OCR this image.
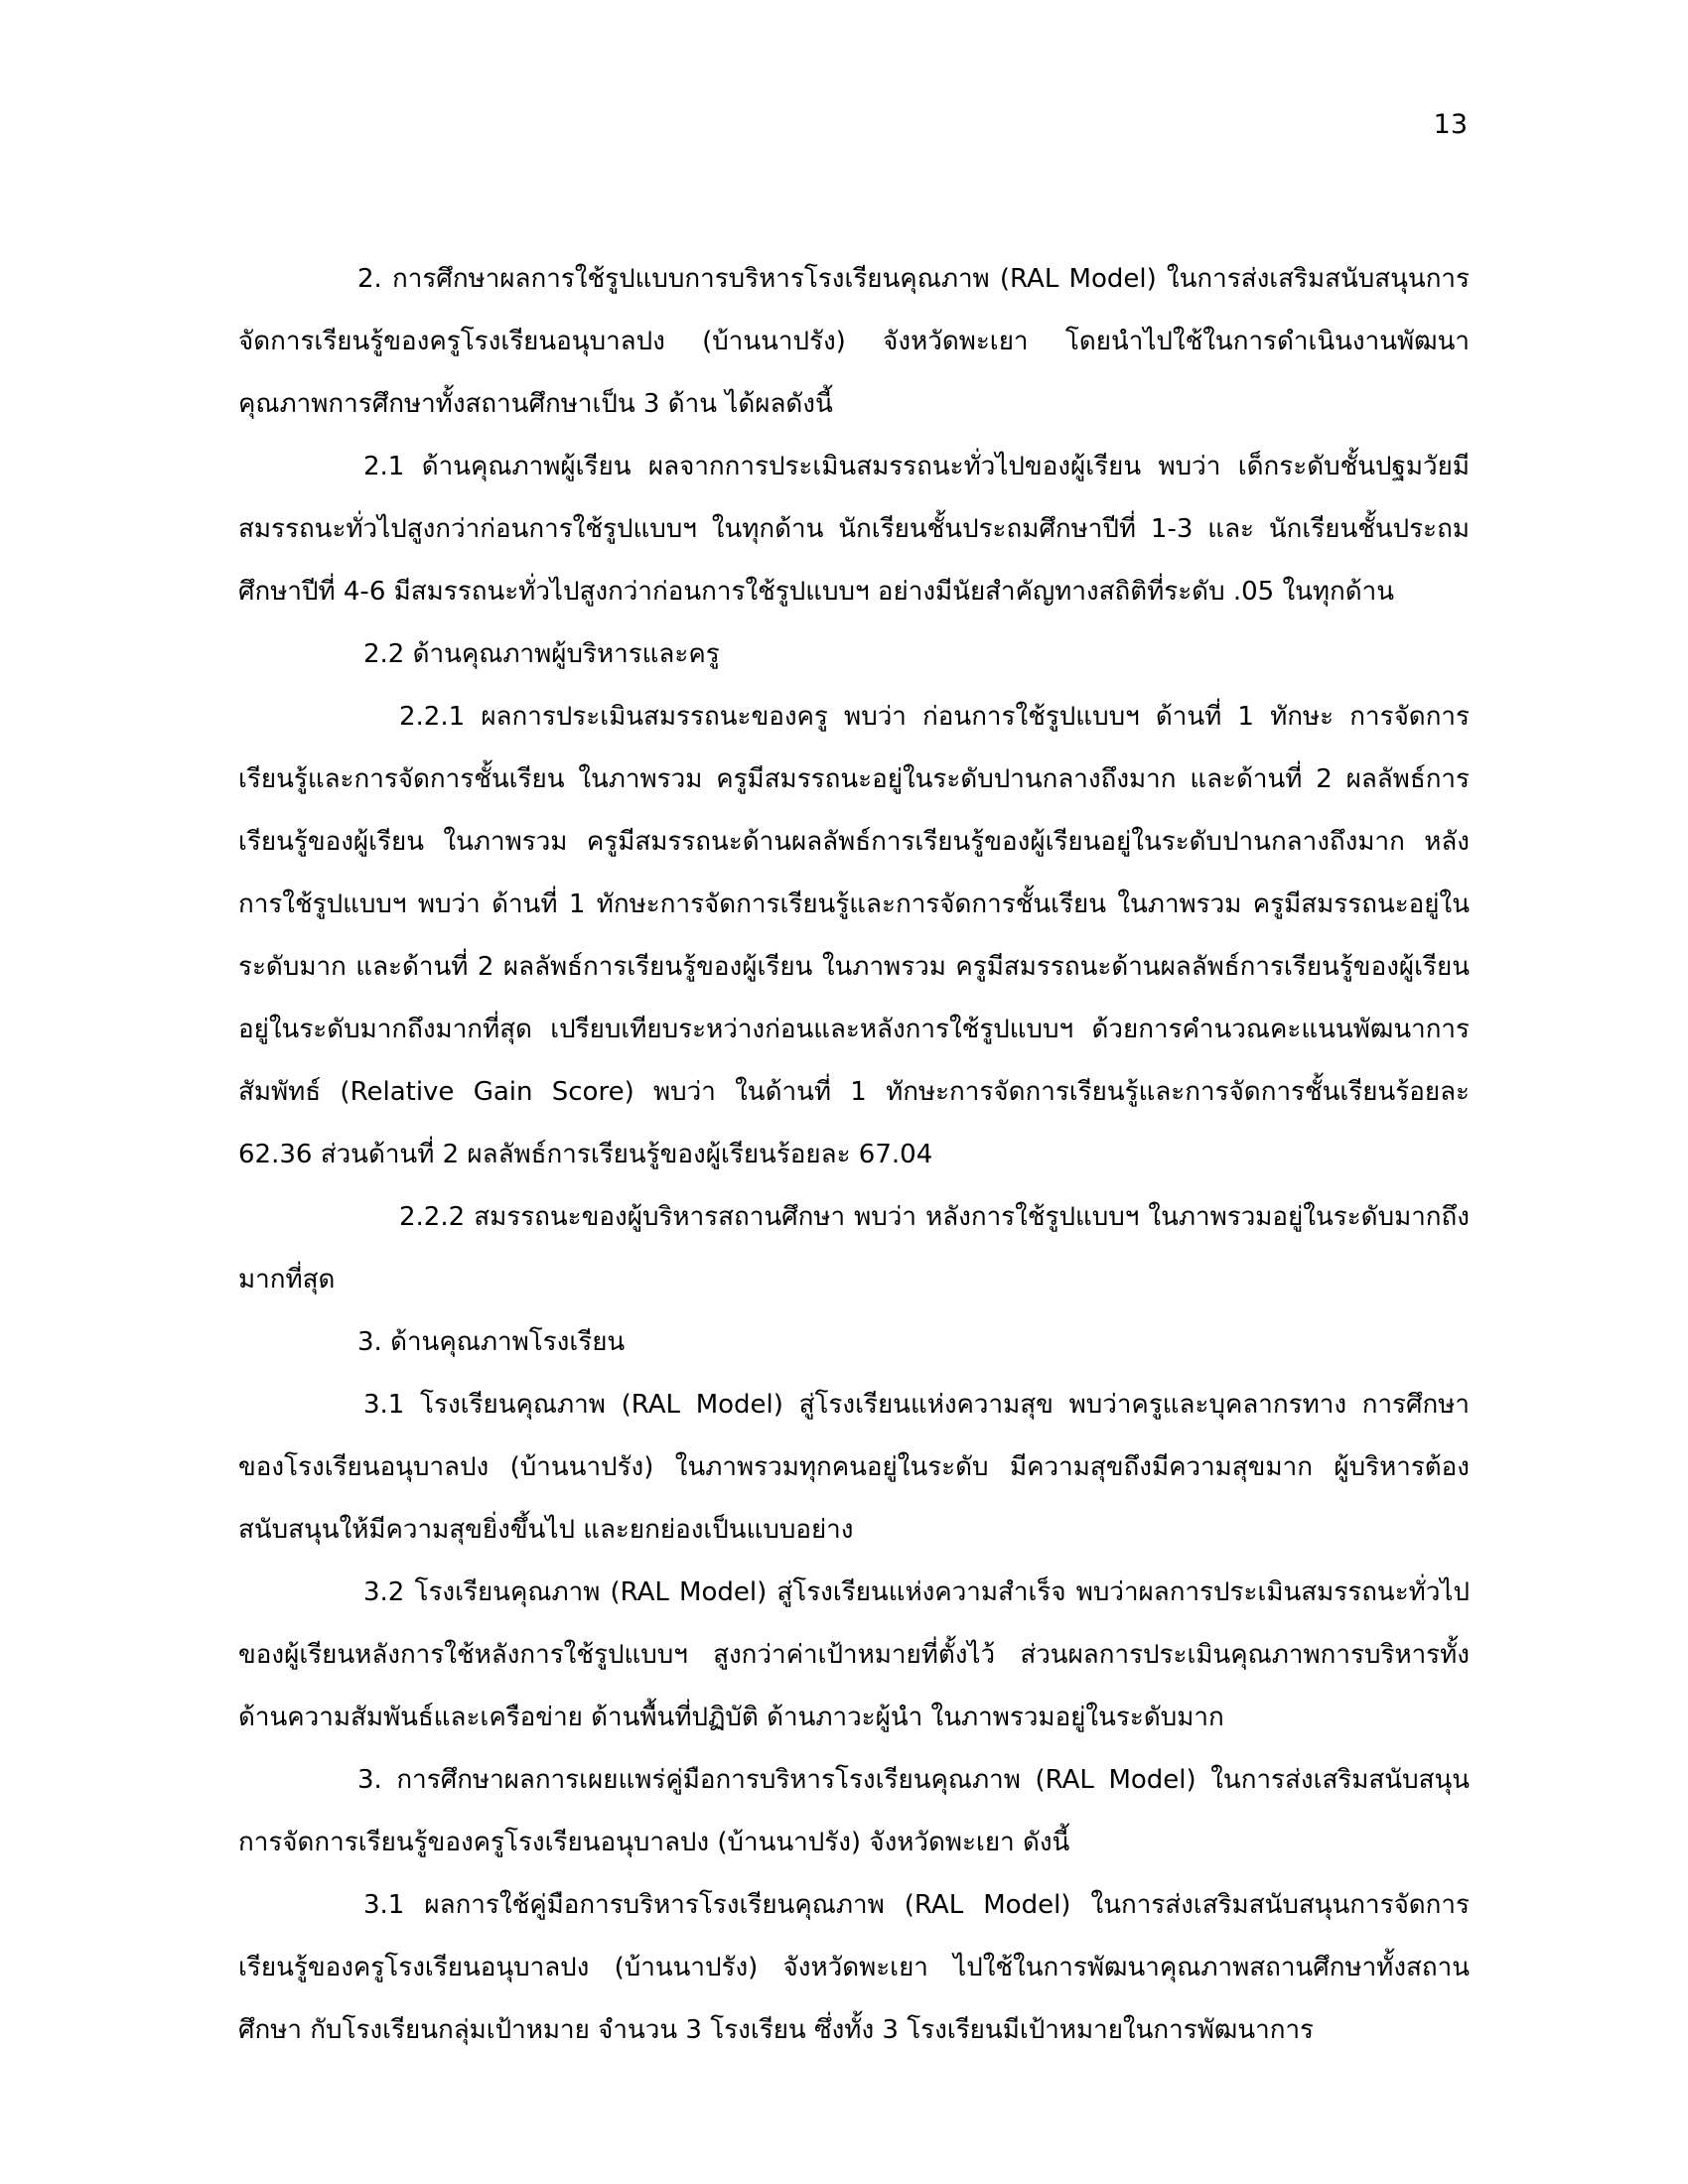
13

2. การศึกษาผลการใช้รูปแบบการบริหารโรงเรียนคุณภาพ (RAL Model) ในการส่งเสริมสนับสนุนการจัดการเรียนรู้ของครูโรงเรียนอนุบาลปง (บ้านนาปรัง) จังหวัดพะเยา โดยนำไปใช้ในการดำเนินงานพัฒนาคุณภาพการศึกษาทั้งสถานศึกษาเป็น 3 ด้าน ได้ผลดังนี้

2.1 ด้านคุณภาพผู้เรียน ผลจากการประเมินสมรรถนะทั่วไปของผู้เรียน พบว่า เด็กระดับชั้นปฐมวัยมีสมรรถนะทั่วไปสูงกว่าก่อนการใช้รูปแบบฯ ในทุกด้าน นักเรียนชั้นประถมศึกษาปีที่ 1-3 และ นักเรียนชั้นประถมศึกษาปีที่ 4-6 มีสมรรถนะทั่วไปสูงกว่าก่อนการใช้รูปแบบฯ อย่างมีนัยสำคัญทางสถิติที่ระดับ .05 ในทุกด้าน

2.2 ด้านคุณภาพผู้บริหารและครู

2.2.1 ผลการประเมินสมรรถนะของครู พบว่า ก่อนการใช้รูปแบบฯ ด้านที่ 1 ทักษะ การจัดการเรียนรู้และการจัดการชั้นเรียน ในภาพรวม ครูมีสมรรถนะอยู่ในระดับปานกลางถึงมาก และด้านที่ 2 ผลลัพธ์การเรียนรู้ของผู้เรียน ในภาพรวม ครูมีสมรรถนะด้านผลลัพธ์การเรียนรู้ของผู้เรียนอยู่ในระดับปานกลางถึงมาก หลังการใช้รูปแบบฯ พบว่า ด้านที่ 1 ทักษะการจัดการเรียนรู้และการจัดการชั้นเรียน ในภาพรวม ครูมีสมรรถนะอยู่ในระดับมาก และด้านที่ 2 ผลลัพธ์การเรียนรู้ของผู้เรียน ในภาพรวม ครูมีสมรรถนะด้านผลลัพธ์การเรียนรู้ของผู้เรียนอยู่ในระดับมากถึงมากที่สุด เปรียบเทียบระหว่างก่อนและหลังการใช้รูปแบบฯ ด้วยการคำนวณคะแนนพัฒนาการสัมพัทธ์ (Relative Gain Score) พบว่า ในด้านที่ 1 ทักษะการจัดการเรียนรู้และการจัดการชั้นเรียนร้อยละ 62.36 ส่วนด้านที่ 2 ผลลัพธ์การเรียนรู้ของผู้เรียนร้อยละ 67.04

2.2.2 สมรรถนะของผู้บริหารสถานศึกษา พบว่า หลังการใช้รูปแบบฯ ในภาพรวมอยู่ในระดับมากถึงมากที่สุด

3. ด้านคุณภาพโรงเรียน

3.1 โรงเรียนคุณภาพ (RAL Model) สู่โรงเรียนแห่งความสุข พบว่าครูและบุคลากรทาง การศึกษาของโรงเรียนอนุบาลปง (บ้านนาปรัง) ในภาพรวมทุกคนอยู่ในระดับ มีความสุขถึงมีความสุขมาก ผู้บริหารต้องสนับสนุนให้มีความสุขยิ่งขึ้นไป และยกย่องเป็นแบบอย่าง

3.2 โรงเรียนคุณภาพ (RAL Model) สู่โรงเรียนแห่งความสำเร็จ พบว่าผลการประเมินสมรรถนะทั่วไปของผู้เรียนหลังการใช้หลังการใช้รูปแบบฯ สูงกว่าค่าเป้าหมายที่ตั้งไว้ ส่วนผลการประเมินคุณภาพการบริหารทั้งด้านความสัมพันธ์และเครือข่าย ด้านพื้นที่ปฏิบัติ ด้านภาวะผู้นำ ในภาพรวมอยู่ในระดับมาก

3. การศึกษาผลการเผยแพร่คู่มือการบริหารโรงเรียนคุณภาพ (RAL Model) ในการส่งเสริมสนับสนุนการจัดการเรียนรู้ของครูโรงเรียนอนุบาลปง (บ้านนาปรัง) จังหวัดพะเยา ดังนี้

3.1 ผลการใช้คู่มือการบริหารโรงเรียนคุณภาพ (RAL Model) ในการส่งเสริมสนับสนุนการจัดการเรียนรู้ของครูโรงเรียนอนุบาลปง (บ้านนาปรัง) จังหวัดพะเยา ไปใช้ในการพัฒนาคุณภาพสถานศึกษาทั้งสถานศึกษา กับโรงเรียนกลุ่มเป้าหมาย จำนวน 3 โรงเรียน ซึ่งทั้ง 3 โรงเรียนมีเป้าหมายในการพัฒนาการ
